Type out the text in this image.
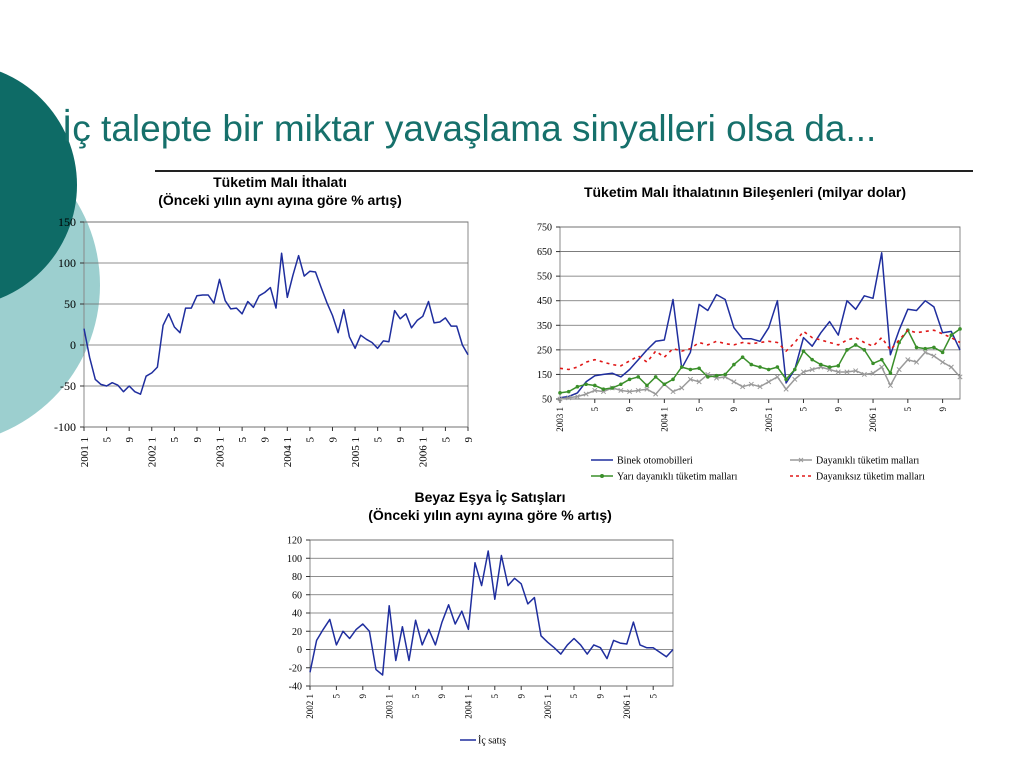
İç talepte bir miktar yavaşlama sinyalleri olsa da...
Tüketim Malı İthalatı
(Önceki yılın aynı ayına göre % artış)
150
100
50
0
-50
-100
2001 1 5 9 2002 1 5 9 2003 1 5 9 2004 1 5 9 2005 1 5 9 2006 1 5 9
750
650
550
450
350
250
150
50
2003 1	5	9	2004 1	5	9	2005 1	5	9	2006 1	5	9
120
100
80
60
40
20
0
-20
-40
2002 1 5 9 2003 1 5 9 2004 1 5 9 2005 1 5 9 2006 1 5
Binek otomobilleri	Dayanıklı tüketim malları
Yarı dayanıklı tüketim malları	Dayanıksız tüketim malları
İç satış
Tüketim Malı İthalatının Bileşenleri (milyar dolar)
Beyaz Eşya İç Satışları
(Önceki yılın aynı ayına göre % artış)
